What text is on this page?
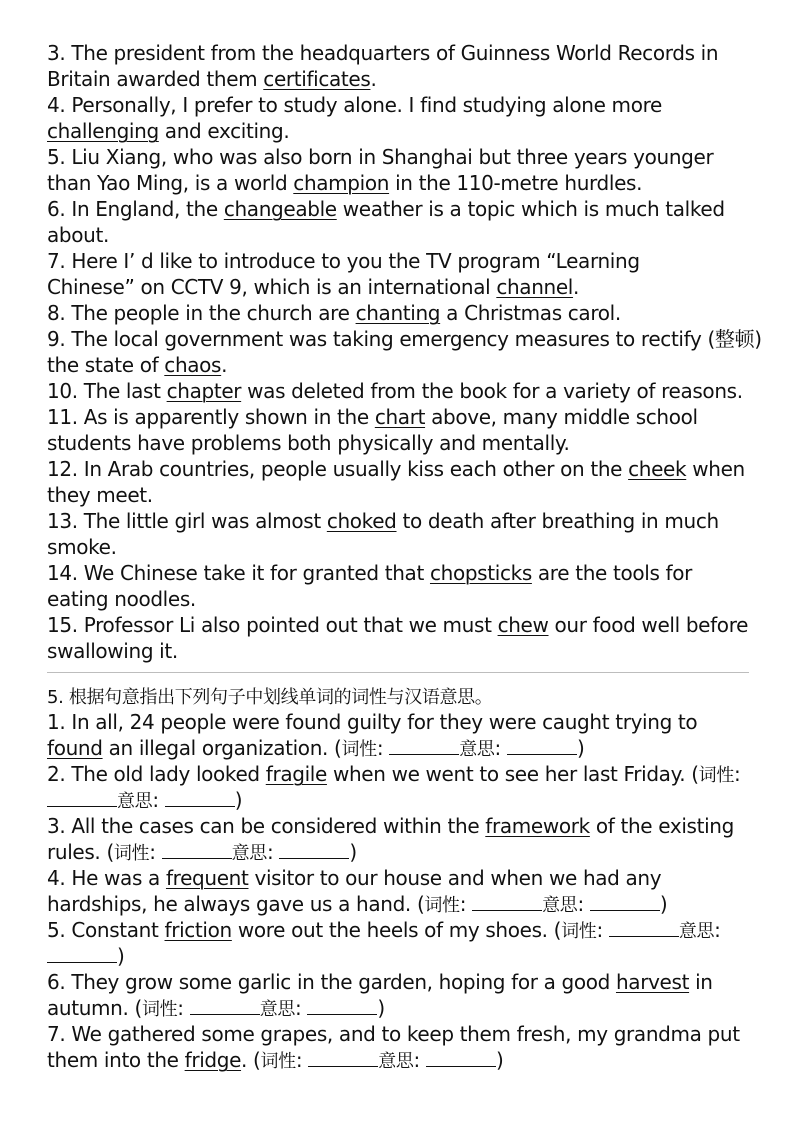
3. The president from the headquarters of Guinness World Records in
Britain awarded them certificates.
4. Personally, I prefer to study alone. I find studying alone more
challenging and exciting.
5. Liu Xiang, who was also born in Shanghai but three years younger
than Yao Ming, is a world champion in the 110-metre hurdles.
6. In England, the changeable weather is a topic which is much talked
about.
7. Here I’ d like to introduce to you the TV program “Learning
Chinese” on CCTV 9, which is an international channel.
8. The people in the church are chanting a Christmas carol.
9. The local government was taking emergency measures to rectify (整顿)
the state of chaos.
10. The last chapter was deleted from the book for a variety of reasons.
11. As is apparently shown in the chart above, many middle school
students have problems both physically and mentally.
12. In Arab countries, people usually kiss each other on the cheek when
they meet.
13. The little girl was almost choked to death after breathing in much
smoke.
14. We Chinese take it for granted that chopsticks are the tools for
eating noodles.
15. Professor Li also pointed out that we must chew our food well before
swallowing it.
5. 根据句意指出下列句子中划线单词的词性与汉语意思。
1. In all, 24 people were found guilty for they were caught trying to
found an illegal organization. (词性:	意思:	)
2. The old lady looked fragile when we went to see her last Friday. (词性:
意思:	)
3. All the cases can be considered within the framework of the existing
rules. (词性:	意思:	)
4. He was a frequent visitor to our house and when we had any
hardships, he always gave us a hand. (词性:	意思:	)
5. Constant friction wore out the heels of my shoes. (词性:	意思:
)
6. They grow some garlic in the garden, hoping for a good harvest in
autumn. (词性:	意思:	)
7. We gathered some grapes, and to keep them fresh, my grandma put
them into the fridge. (词性:	意思:	)
